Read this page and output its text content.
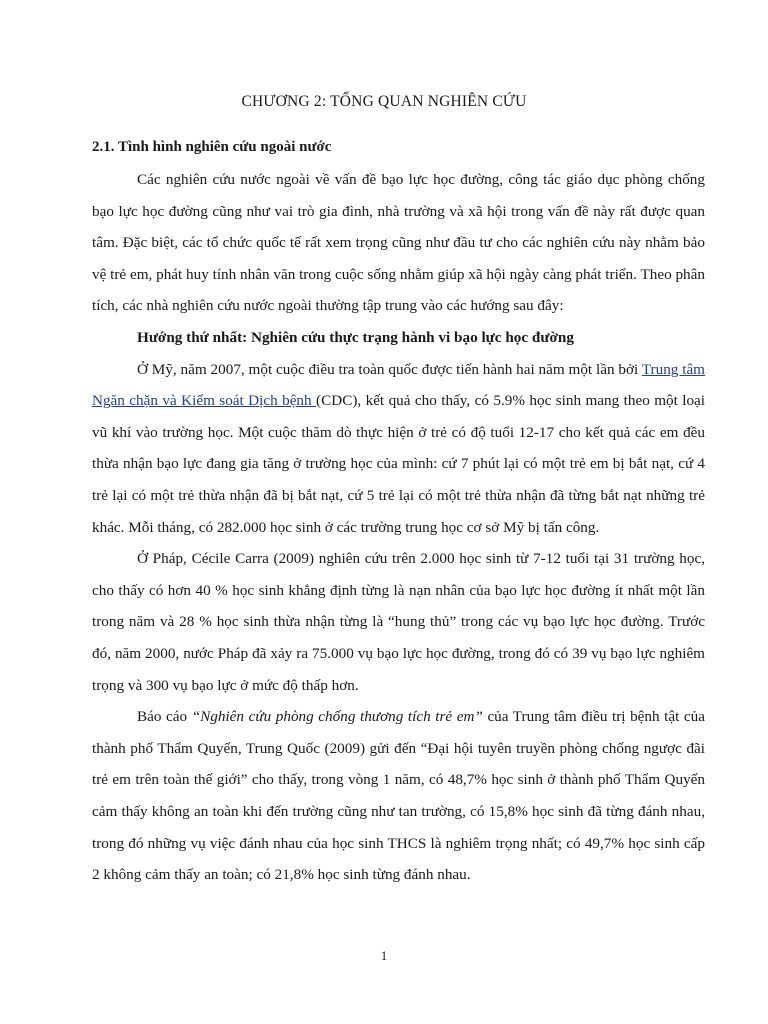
CHƯƠNG 2: TỔNG QUAN NGHIÊN CỨU
2.1. Tình hình nghiên cứu ngoài nước

Các nghiên cứu nước ngoài về vấn đề bạo lực học đường, công tác giáo dục phòng chống bạo lực học đường cũng như vai trò gia đình, nhà trường và xã hội trong vấn đề này rất được quan tâm. Đặc biệt, các tổ chức quốc tế rất xem trọng cũng như đầu tư cho các nghiên cứu này nhằm bảo vệ trẻ em, phát huy tính nhân văn trong cuộc sống nhằm giúp xã hội ngày càng phát triển. Theo phân tích, các nhà nghiên cứu nước ngoài thường tập trung vào các hướng sau đây:

Hướng thứ nhất: Nghiên cứu thực trạng hành vi bạo lực học đường

Ở Mỹ, năm 2007, một cuộc điều tra toàn quốc được tiến hành hai năm một lần bởi Trung tâm Ngăn chặn và Kiểm soát Dịch bệnh (CDC), kết quả cho thấy, có 5.9% học sinh mang theo một loại vũ khí vào trường học. Một cuộc thăm dò thực hiện ở trẻ có độ tuổi 12-17 cho kết quả các em đều thừa nhận bạo lực đang gia tăng ở trường học của mình: cứ 7 phút lại có một trẻ em bị bắt nạt, cứ 4 trẻ lại có một trẻ thừa nhận đã bị bắt nạt, cứ 5 trẻ lại có một trẻ thừa nhận đã từng bắt nạt những trẻ khác. Mỗi tháng, có 282.000 học sinh ở các trường trung học cơ sở Mỹ bị tấn công.

Ở Pháp, Cécile Carra (2009) nghiên cứu trên 2.000 học sinh từ 7-12 tuổi tại 31 trường học, cho thấy có hơn 40 % học sinh khẳng định từng là nạn nhân của bạo lực học đường ít nhất một lần trong năm và 28 % học sinh thừa nhận từng là “hung thủ” trong các vụ bạo lực học đường. Trước đó, năm 2000, nước Pháp đã xảy ra 75.000 vụ bạo lực học đường, trong đó có 39 vụ bạo lực nghiêm trọng và 300 vụ bạo lực ở mức độ thấp hơn.

Báo cáo “Nghiên cứu phòng chống thương tích trẻ em” của Trung tâm điều trị bệnh tật của thành phố Thẩm Quyến, Trung Quốc (2009) gửi đến “Đại hội tuyên truyền phòng chống ngược đãi trẻ em trên toàn thế giới” cho thấy, trong vòng 1 năm, có 48,7% học sinh ở thành phố Thẩm Quyến cảm thấy không an toàn khi đến trường cũng như tan trường, có 15,8% học sinh đã từng đánh nhau, trong đó những vụ việc đánh nhau của học sinh THCS là nghiêm trọng nhất; có 49,7% học sinh cấp 2 không cảm thấy an toàn; có 21,8% học sinh từng đánh nhau.

1
